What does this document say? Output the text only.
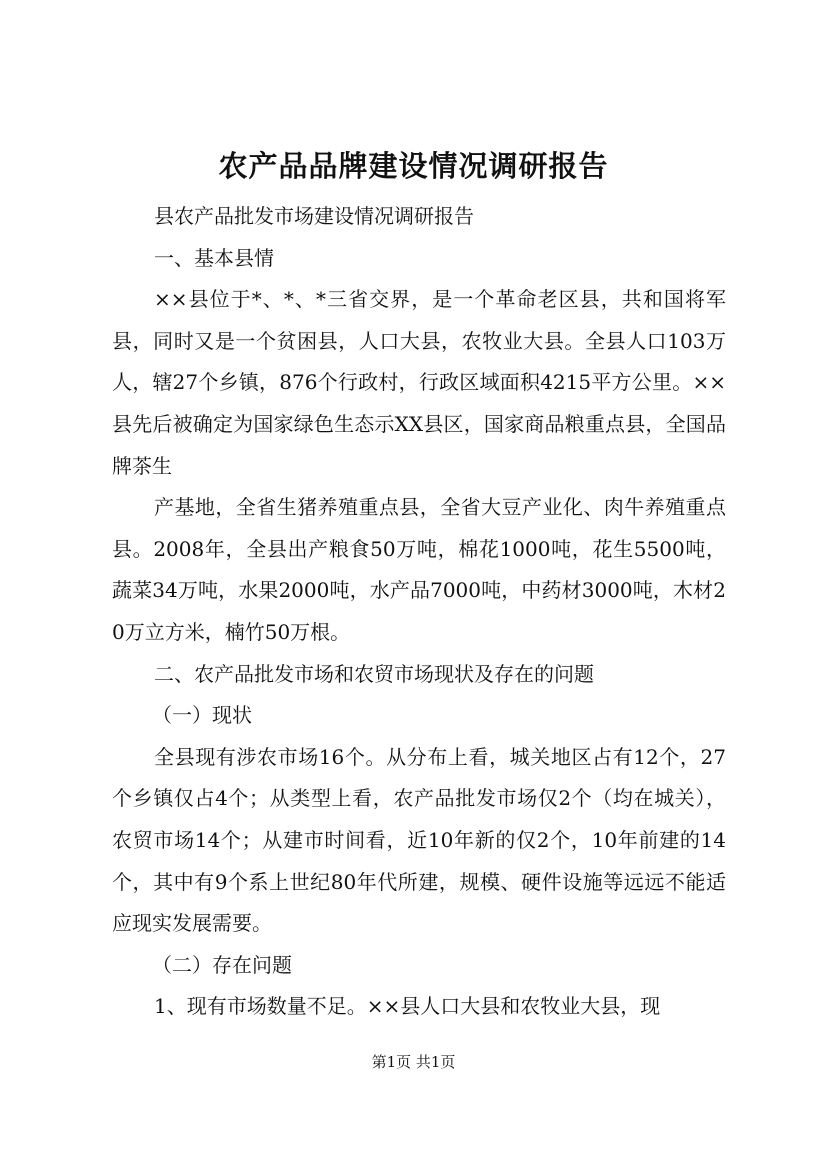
农产品品牌建设情况调研报告

县农产品批发市场建设情况调研报告

一、基本县情

××县位于*、*、*三省交界，是一个革命老区县，共和国将军县，同时又是一个贫困县，人口大县，农牧业大县。全县人口103万人，辖27个乡镇，876个行政村，行政区域面积4215平方公里。××县先后被确定为国家绿色生态示XX县区，国家商品粮重点县，全国品牌茶生

产基地，全省生猪养殖重点县，全省大豆产业化、肉牛养殖重点县。2008年，全县出产粮食50万吨，棉花1000吨，花生5500吨，蔬菜34万吨，水果2000吨，水产品7000吨，中药材3000吨，木材20万立方米，楠竹50万根。

二、农产品批发市场和农贸市场现状及存在的问题

（一）现状

全县现有涉农市场16个。从分布上看，城关地区占有12个，27个乡镇仅占4个；从类型上看，农产品批发市场仅2个（均在城关），农贸市场14个；从建市时间看，近10年新的仅2个，10年前建的14个，其中有9个系上世纪80年代所建，规模、硬件设施等远远不能适应现实发展需要。

（二）存在问题

1、现有市场数量不足。××县人口大县和农牧业大县，现

第1页 共1页
